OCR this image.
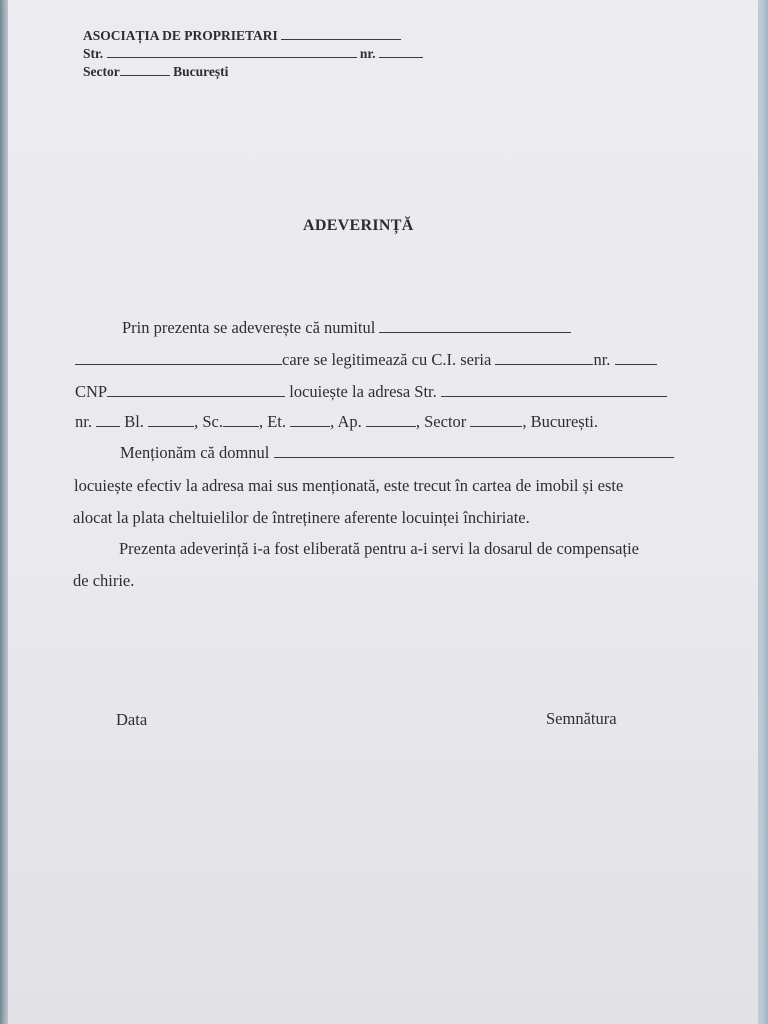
ASOCIAȚIA DE PROPRIETARI
Str.	nr.
Sector	București
ADEVERINȚĂ
Prin prezenta se adeverește că numitul
care se legitimează cu C.I. seria	nr.
CNP	locuiește la adresa Str.
nr. Bl.	, Sc. , Et.	, Ap.	, Sector	, București.
Menționăm că domnul
locuiește efectiv la adresa mai sus menționată, este trecut în cartea de imobil și este
alocat la plata cheltuielilor de întreținere aferente locuinței închiriate.
Prezenta adeverință i-a fost eliberată pentru a-i servi la dosarul de compensație
de chirie.
Data	Semnătura
